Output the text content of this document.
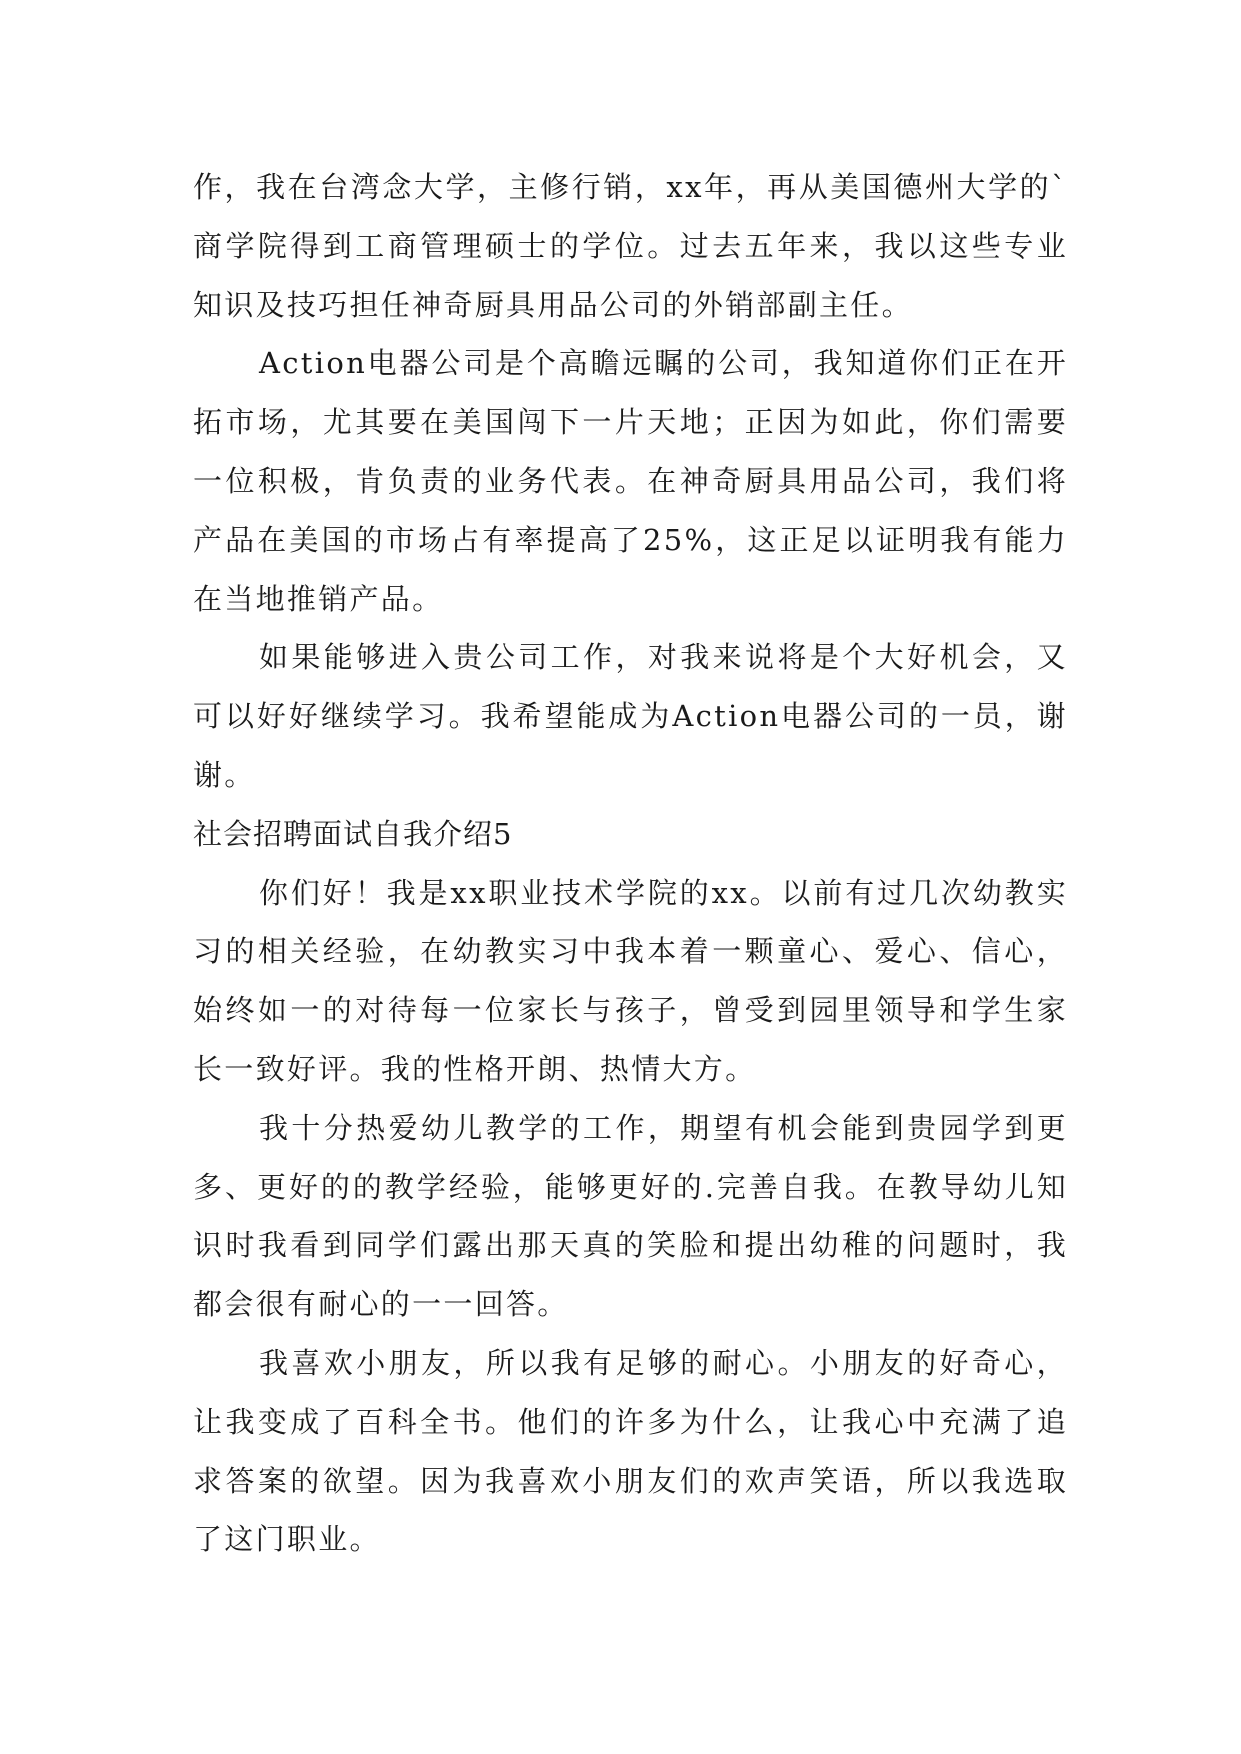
作，我在台湾念大学，主修行销，xx年，再从美国德州大学的`商学院得到工商管理硕士的学位。过去五年来，我以这些专业知识及技巧担任神奇厨具用品公司的外销部副主任。

Action电器公司是个高瞻远瞩的公司，我知道你们正在开拓市场，尤其要在美国闯下一片天地；正因为如此，你们需要一位积极，肯负责的业务代表。在神奇厨具用品公司，我们将产品在美国的市场占有率提高了25%，这正足以证明我有能力在当地推销产品。

如果能够进入贵公司工作，对我来说将是个大好机会，又可以好好继续学习。我希望能成为Action电器公司的一员，谢谢。

社会招聘面试自我介绍5

你们好！我是xx职业技术学院的xx。以前有过几次幼教实习的相关经验，在幼教实习中我本着一颗童心、爱心、信心，始终如一的对待每一位家长与孩子，曾受到园里领导和学生家长一致好评。我的性格开朗、热情大方。

我十分热爱幼儿教学的工作，期望有机会能到贵园学到更多、更好的的教学经验，能够更好的.完善自我。在教导幼儿知识时我看到同学们露出那天真的笑脸和提出幼稚的问题时，我都会很有耐心的一一回答。

我喜欢小朋友，所以我有足够的耐心。小朋友的好奇心，让我变成了百科全书。他们的许多为什么，让我心中充满了追求答案的欲望。因为我喜欢小朋友们的欢声笑语，所以我选取了这门职业。
